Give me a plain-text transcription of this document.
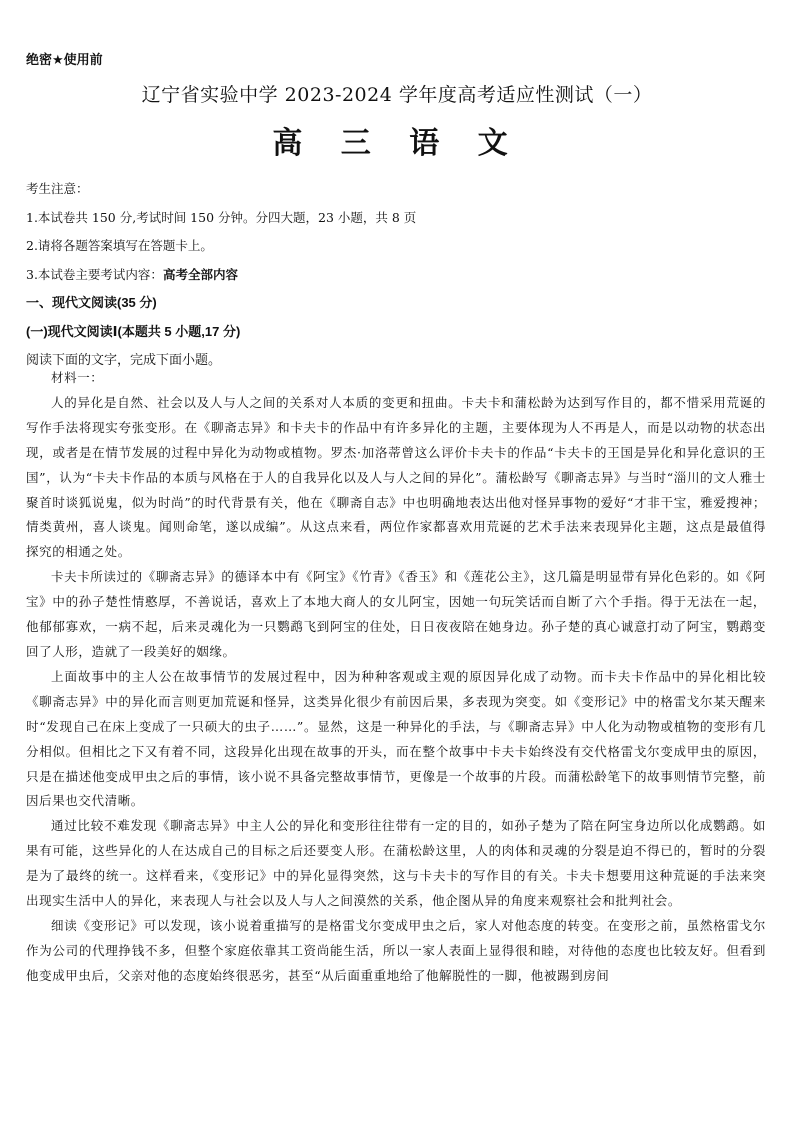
绝密★使用前
辽宁省实验中学 2023-2024 学年度高考适应性测试（一）
高 三 语 文
考生注意：
1.本试卷共 150 分,考试时间 150 分钟。分四大题，23 小题，共 8 页
2.请将各题答案填写在答题卡上。
3.本试卷主要考试内容：高考全部内容
一、现代文阅读(35 分)
(一)现代文阅读Ⅰ(本题共 5 小题,17 分)
阅读下面的文字，完成下面小题。
材料一：

人的异化是自然、社会以及人与人之间的关系对人本质的变更和扭曲。卡夫卡和蒲松龄为达到写作目的，都不惜采用荒诞的写作手法将现实夸张变形。在《聊斋志异》和卡夫卡的作品中有许多异化的主题，主要体现为人不再是人，而是以动物的状态出现，或者是在情节发展的过程中异化为动物或植物。罗杰·加洛蒂曾这么评价卡夫卡的作品“卡夫卡的王国是异化和异化意识的王国”，认为“卡夫卡作品的本质与风格在于人的自我异化以及人与人之间的异化”。蒲松龄写《聊斋志异》与当时“淄川的文人雅士聚首时谈狐说鬼，似为时尚”的时代背景有关，他在《聊斋自志》中也明确地表达出他对怪异事物的爱好“才非干宝，雅爱搜神；情类黄州，喜人谈鬼。闻则命笔，遂以成编”。从这点来看，两位作家都喜欢用荒诞的艺术手法来表现异化主题，这点是最值得探究的相通之处。

卡夫卡所读过的《聊斋志异》的德译本中有《阿宝》《竹青》《香玉》和《莲花公主》，这几篇是明显带有异化色彩的。如《阿宝》中的孙子楚性情憨厚，不善说话，喜欢上了本地大商人的女儿阿宝，因她一句玩笑话而自断了六个手指。得于无法在一起，他郁郁寡欢，一病不起，后来灵魂化为一只鹦鹉飞到阿宝的住处，日日夜夜陪在她身边。孙子楚的真心诚意打动了阿宝，鹦鹉变回了人形，造就了一段美好的姻缘。

上面故事中的主人公在故事情节的发展过程中，因为种种客观或主观的原因异化成了动物。而卡夫卡作品中的异化相比较《聊斋志异》中的异化而言则更加荒诞和怪异，这类异化很少有前因后果，多表现为突变。如《变形记》中的格雷戈尔某天醒来时“发现自己在床上变成了一只硕大的虫子……”。显然，这是一种异化的手法，与《聊斋志异》中人化为动物或植物的变形有几分相似。但相比之下又有着不同，这段异化出现在故事的开头，而在整个故事中卡夫卡始终没有交代格雷戈尔变成甲虫的原因，只是在描述他变成甲虫之后的事情，该小说不具备完整故事情节，更像是一个故事的片段。而蒲松龄笔下的故事则情节完整，前因后果也交代清晰。

通过比较不难发现《聊斋志异》中主人公的异化和变形往往带有一定的目的，如孙子楚为了陪在阿宝身边所以化成鹦鹉。如果有可能，这些异化的人在达成自己的目标之后还要变人形。在蒲松龄这里，人的肉体和灵魂的分裂是迫不得已的，暂时的分裂是为了最终的统一。这样看来，《变形记》中的异化显得突然，这与卡夫卡的写作目的有关。卡夫卡想要用这种荒诞的手法来突出现实生活中人的异化，来表现人与社会以及人与人之间漠然的关系，他企图从异的角度来观察社会和批判社会。

细读《变形记》可以发现，该小说着重描写的是格雷戈尔变成甲虫之后，家人对他态度的转变。在变形之前，虽然格雷戈尔作为公司的代理挣钱不多，但整个家庭依靠其工资尚能生活，所以一家人表面上显得很和睦，对待他的态度也比较友好。但看到他变成甲虫后，父亲对他的态度始终很恶劣，甚至“从后面重重地给了他解脱性的一脚，他被踢到房间
